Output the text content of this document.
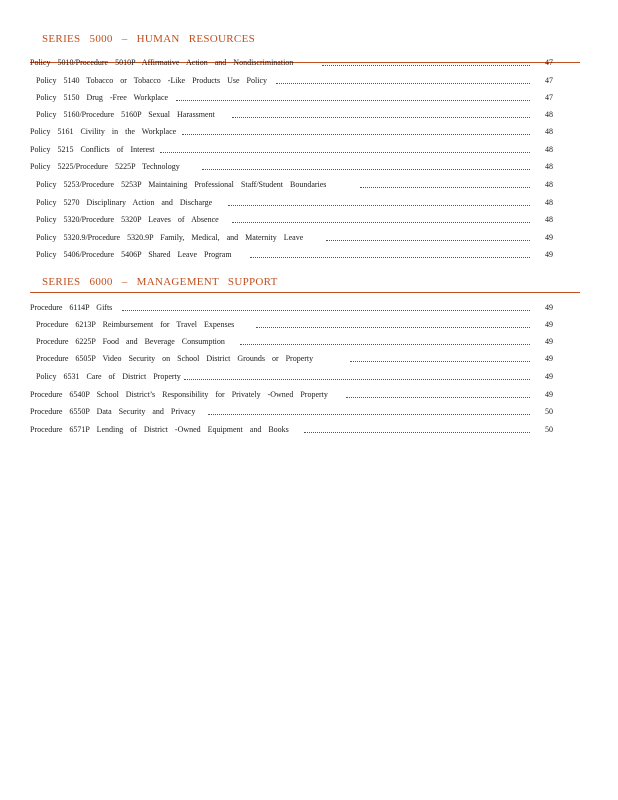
SERIES 5000 – HUMAN RESOURCES
Policy 5010/Procedure 5010P Affirmative Action and Nondiscrimination	47
Policy 5140 Tobacco or Tobacco -Like Products Use Policy	47
Policy 5150 Drug -Free Workplace	47
Policy 5160/Procedure 5160P Sexual Harassment	48
Policy 5161 Civility in the Workplace	48
Policy 5215 Conflicts of Interest	48
Policy 5225/Procedure 5225P Technology	48
Policy 5253/Procedure 5253P Maintaining Professional Staff/Student Boundaries	48
Policy 5270 Disciplinary Action and Discharge	48
Policy 5320/Procedure 5320P Leaves of Absence	48
Policy 5320.9/Procedure 5320.9P Family, Medical, and Maternity Leave	49
Policy 5406/Procedure 5406P Shared Leave Program	49
SERIES 6000 – MANAGEMENT SUPPORT
Procedure 6114P Gifts	49
Procedure 6213P Reimbursement for Travel Expenses	49
Procedure 6225P Food and Beverage Consumption	49
Procedure 6505P Video Security on School District Grounds or Property	49
Policy 6531 Care of District Property	49
Procedure 6540P School District’s Responsibility for Privately -Owned Property	49
Procedure 6550P Data Security and Privacy	50
Procedure 6571P Lending of District -Owned Equipment and Books	50
